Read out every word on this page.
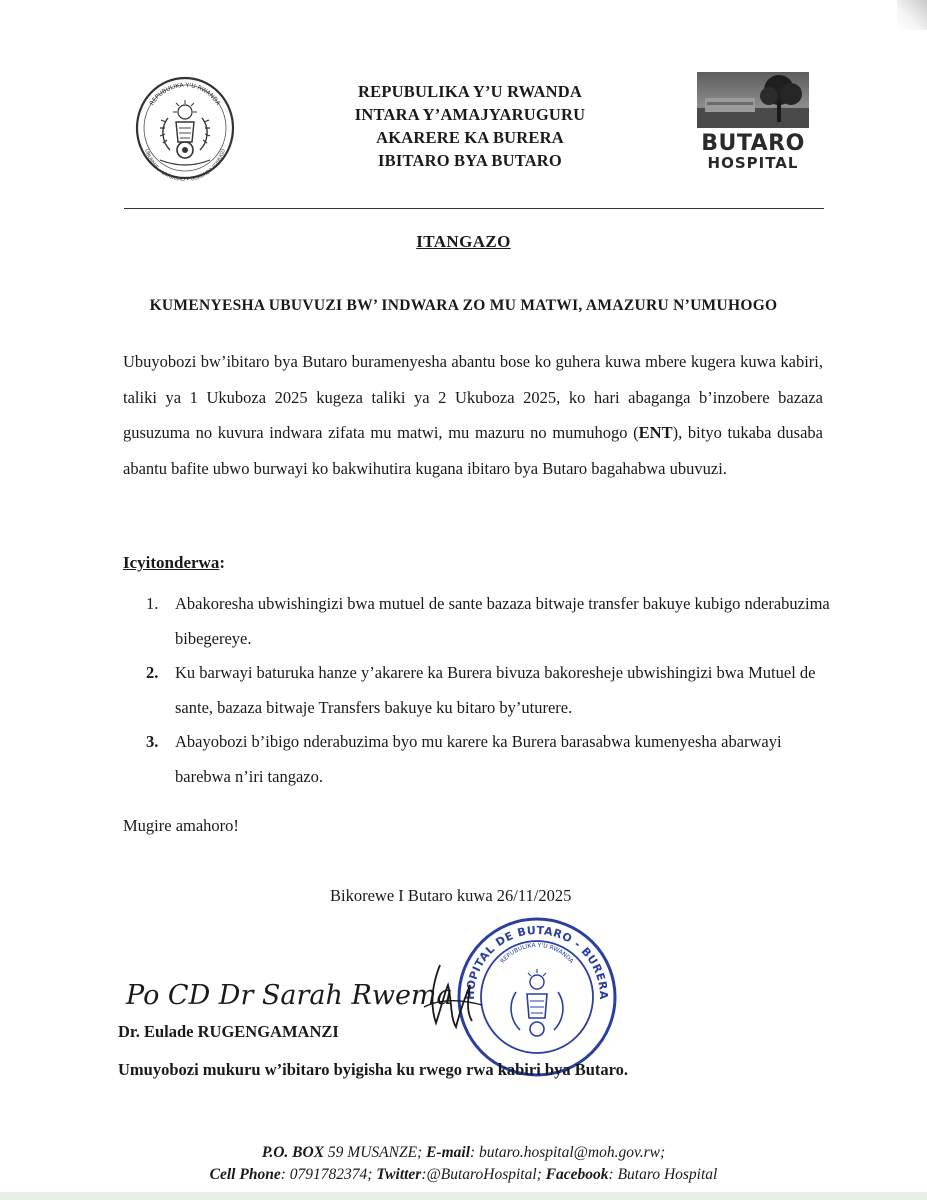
REPUBULIKA Y'U RWANDA
UBUMWE • UMURIMO • GUKUNDA IGIHUGU
REPUBULIKA Y’U RWANDA
INTARA Y’AMAJYARUGURU
AKARERE KA BURERA
IBITARO BYA BUTARO
BUTARO
HOSPITAL
ITANGAZO
KUMENYESHA UBUVUZI BW’ INDWARA ZO MU MATWI, AMAZURU N’UMUHOGO
Ubuyobozi bw’ibitaro bya Butaro buramenyesha abantu bose ko guhera kuwa mbere kugera kuwa kabiri, taliki ya 1 Ukuboza 2025 kugeza taliki ya 2 Ukuboza 2025, ko hari abaganga b’inzobere bazaza gusuzuma no kuvura indwara zifata mu matwi, mu mazuru no mumuhogo (ENT), bityo tukaba dusaba abantu bafite ubwo burwayi ko bakwihutira kugana ibitaro bya Butaro bagahabwa ubuvuzi.
Icyitonderwa:
1. Abakoresha ubwishingizi bwa mutuel de sante bazaza bitwaje transfer bakuye kubigo nderabuzima bibegereye.
2. Ku barwayi baturuka hanze y’akarere ka Burera bivuza bakoresheje ubwishingizi bwa Mutuel de sante, bazaza bitwaje Transfers bakuye ku bitaro by’uturere.
3. Abayobozi b’ibigo nderabuzima byo mu karere ka Burera barasabwa kumenyesha abarwayi barebwa n’iri tangazo.
Mugire amahoro!
Bikorewe I Butaro kuwa 26/11/2025
HOPITAL DE BUTARO - BURERA
REPUBULIKA Y'U RWANDA
Po CD Dr Sarah Rwema
Dr. Eulade RUGENGAMANZI
Umuyobozi mukuru w’ibitaro byigisha ku rwego rwa kabiri bya Butaro.
P.O. BOX 59 MUSANZE; E-mail: butaro.hospital@moh.gov.rw;
Cell Phone: 0791782374; Twitter:@ButaroHospital; Facebook: Butaro Hospital
